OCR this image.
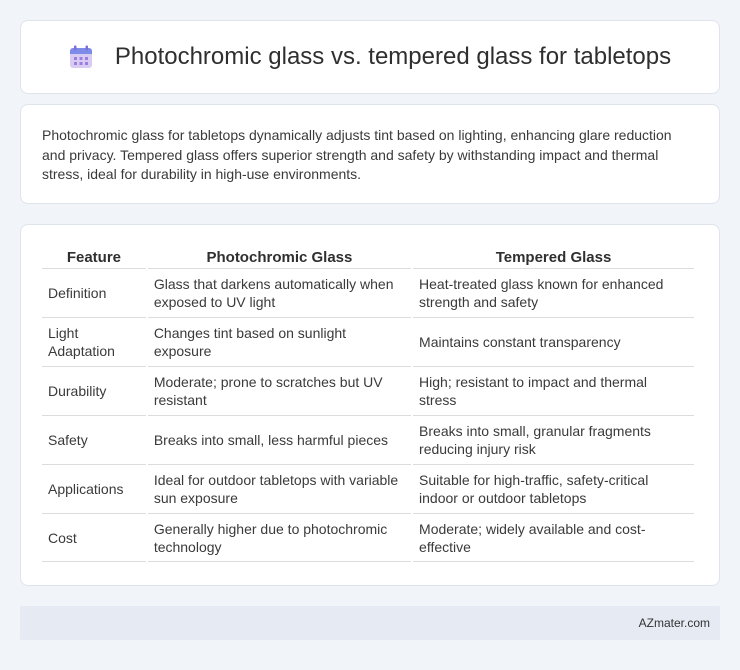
Photochromic glass vs. tempered glass for tabletops

Photochromic glass for tabletops dynamically adjusts tint based on lighting, enhancing glare reduction and privacy. Tempered glass offers superior strength and safety by withstanding impact and thermal stress, ideal for durability in high-use environments.

Feature	Photochromic Glass	Tempered Glass
Definition	Glass that darkens automatically when exposed to UV light	Heat-treated glass known for enhanced strength and safety
Light Adaptation	Changes tint based on sunlight exposure	Maintains constant transparency
Durability	Moderate; prone to scratches but UV resistant	High; resistant to impact and thermal stress
Safety	Breaks into small, less harmful pieces	Breaks into small, granular fragments reducing injury risk
Applications	Ideal for outdoor tabletops with variable sun exposure	Suitable for high-traffic, safety-critical indoor or outdoor tabletops
Cost	Generally higher due to photochromic technology	Moderate; widely available and cost-effective
AZmater.com
